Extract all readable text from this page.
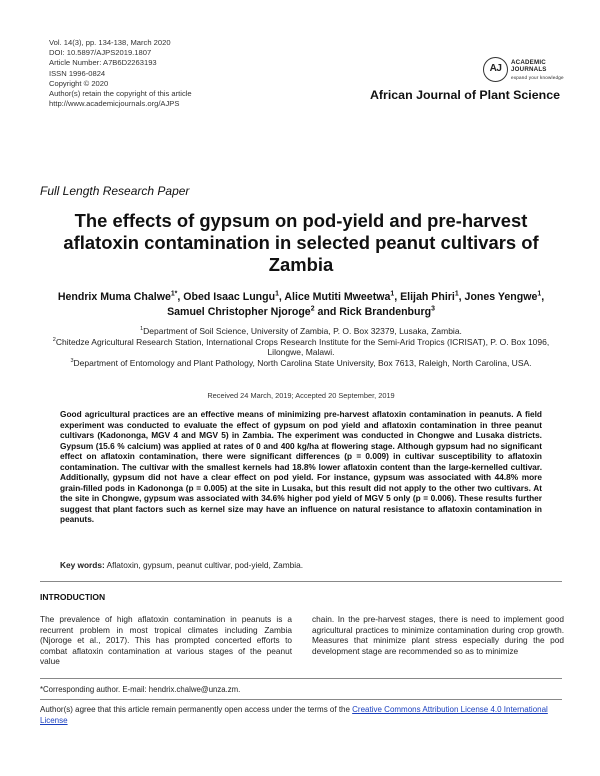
Vol. 14(3), pp. 134-138, March 2020
DOI: 10.5897/AJPS2019.1807
Article Number: A7B6D2263193
ISSN 1996-0824
Copyright © 2020
Author(s) retain the copyright of this article
http://www.academicjournals.org/AJPS
AJ
ACADEMIC
JOURNALS
expand your knowledge
African Journal of Plant Science
Full Length Research Paper
The effects of gypsum on pod-yield and pre-harvest aflatoxin contamination in selected peanut cultivars of Zambia
Hendrix Muma Chalwe$^{1*}$, Obed Isaac Lungu$^1$, Alice Mutiti Mweetwa$^1$, Elijah Phiri$^1$, Jones Yengwe$^1$, Samuel Christopher Njoroge$^2$ and Rick Brandenburg$^3$
$^1$Department of Soil Science, University of Zambia, P. O. Box 32379, Lusaka, Zambia.
$^2$Chitedze Agricultural Research Station, International Crops Research Institute for the Semi-Arid Tropics (ICRISAT), P. O. Box 1096, Lilongwe, Malawi.
$^3$Department of Entomology and Plant Pathology, North Carolina State University, Box 7613, Raleigh, North Carolina, USA.
Received 24 March, 2019; Accepted 20 September, 2019
Good agricultural practices are an effective means of minimizing pre-harvest aflatoxin contamination in peanuts. A field experiment was conducted to evaluate the effect of gypsum on pod yield and aflatoxin contamination in three peanut cultivars (Kadononga, MGV 4 and MGV 5) in Zambia. The experiment was conducted in Chongwe and Lusaka districts. Gypsum (15.6 % calcium) was applied at rates of 0 and 400 kg/ha at flowering stage. Although gypsum had no significant effect on aflatoxin contamination, there were significant differences (p = 0.009) in cultivar susceptibility to aflatoxin contamination. The cultivar with the smallest kernels had 18.8% lower aflatoxin content than the large-kernelled cultivar. Additionally, gypsum did not have a clear effect on pod yield. For instance, gypsum was associated with 44.8% more grain-filled pods in Kadononga (p = 0.005) at the site in Lusaka, but this result did not apply to the other two cultivars. At the site in Chongwe, gypsum was associated with 34.6% higher pod yield of MGV 5 only (p = 0.006). These results further suggest that plant factors such as kernel size may have an influence on natural resistance to aflatoxin contamination in peanuts.
Key words: Aflatoxin, gypsum, peanut cultivar, pod-yield, Zambia.
INTRODUCTION
The prevalence of high aflatoxin contamination in peanuts is a recurrent problem in most tropical climates including Zambia (Njoroge et al., 2017). This has prompted concerted efforts to combat aflatoxin contamination at various stages of the peanut value
chain. In the pre-harvest stages, there is need to implement good agricultural practices to minimize contamination during crop growth. Measures that minimize plant stress especially during the pod development stage are recommended so as to minimize
*Corresponding author. E-mail: hendrix.chalwe@unza.zm.
Author(s) agree that this article remain permanently open access under the terms of the Creative Commons Attribution License 4.0 International License
